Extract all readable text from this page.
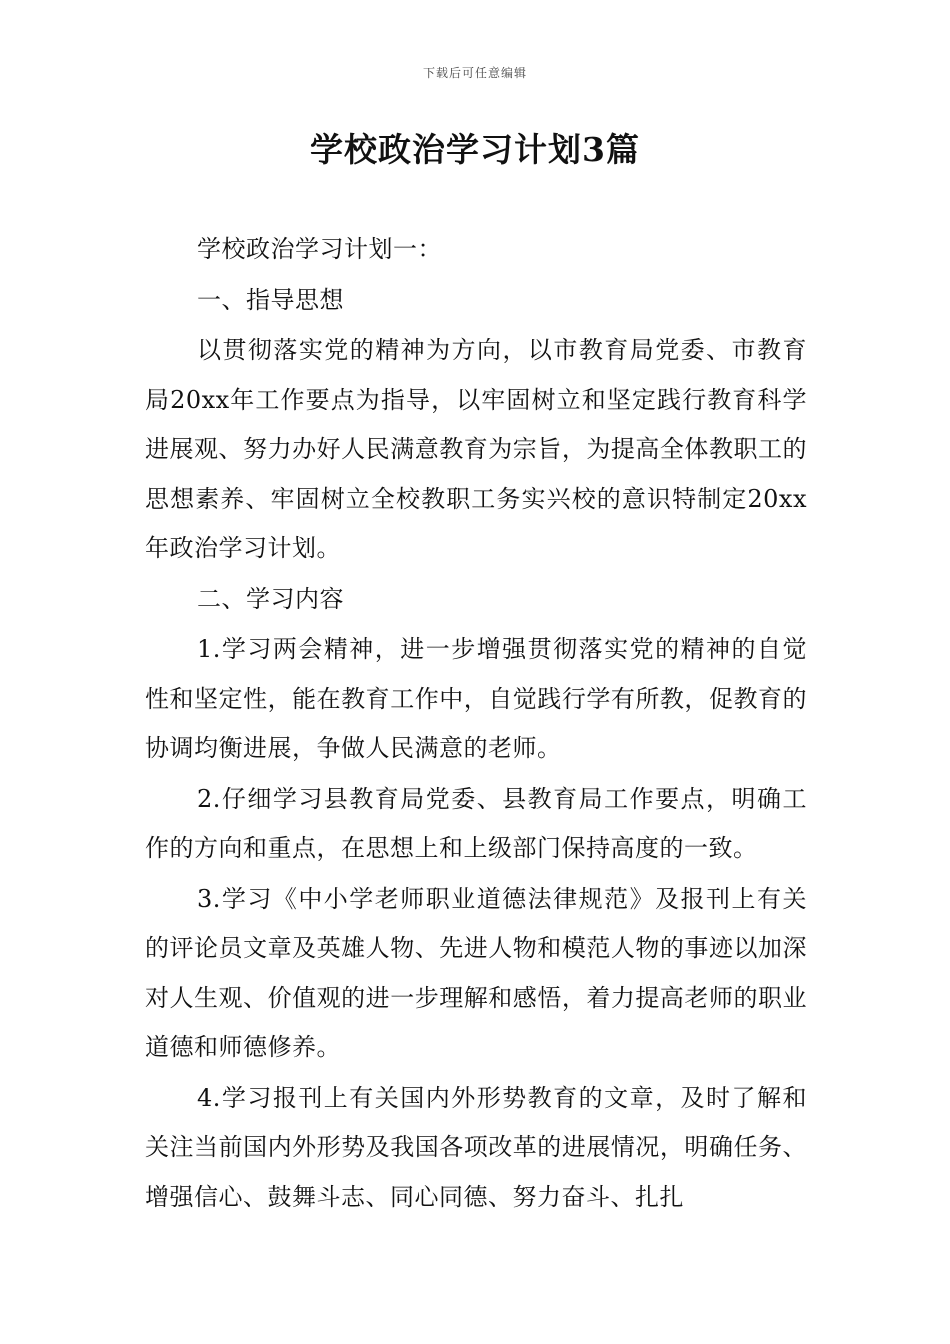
下载后可任意编辑
学校政治学习计划3篇

学校政治学习计划一：

一、指导思想

以贯彻落实党的精神为方向，以市教育局党委、市教育局20xx年工作要点为指导，以牢固树立和坚定践行教育科学进展观、努力办好人民满意教育为宗旨，为提高全体教职工的思想素养、牢固树立全校教职工务实兴校的意识特制定20xx年政治学习计划。

二、学习内容

1.学习两会精神，进一步增强贯彻落实党的精神的自觉性和坚定性，能在教育工作中，自觉践行学有所教，促教育的协调均衡进展，争做人民满意的老师。

2.仔细学习县教育局党委、县教育局工作要点，明确工作的方向和重点，在思想上和上级部门保持高度的一致。

3.学习《中小学老师职业道德法律规范》及报刊上有关的评论员文章及英雄人物、先进人物和模范人物的事迹以加深对人生观、价值观的进一步理解和感悟，着力提高老师的职业道德和师德修养。

4.学习报刊上有关国内外形势教育的文章，及时了解和关注当前国内外形势及我国各项改革的进展情况，明确任务、增强信心、鼓舞斗志、同心同德、努力奋斗、扎扎
